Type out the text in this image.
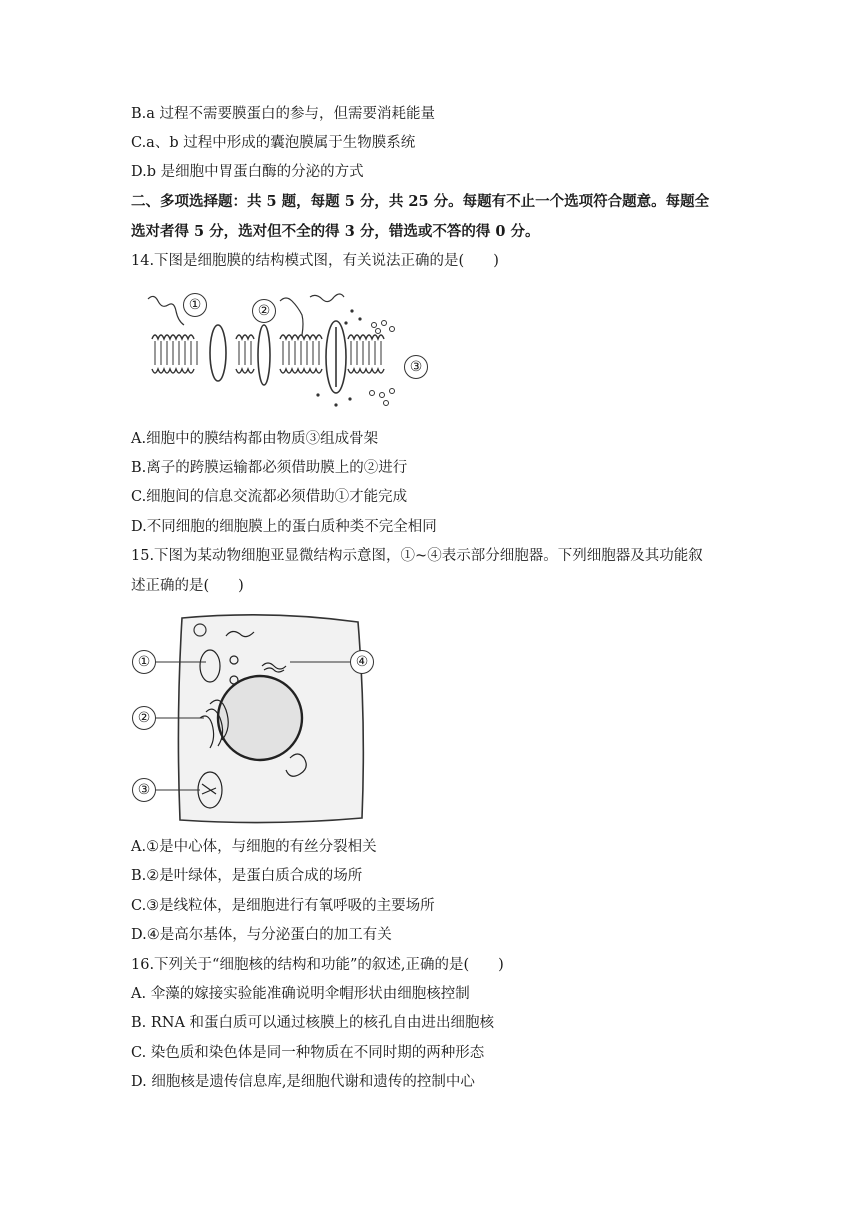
B.a 过程不需要膜蛋白的参与，但需要消耗能量
C.a、b 过程中形成的囊泡膜属于生物膜系统
D.b 是细胞中胃蛋白酶的分泌的方式
二、多项选择题：共 5 题，每题 5 分，共 25 分。每题有不止一个选项符合题意。每题全
选对者得 5 分，选对但不全的得 3 分，错选或不答的得 0 分。
14.下图是细胞膜的结构模式图，有关说法正确的是(　　)
①	②
③
A.细胞中的膜结构都由物质③组成骨架
B.离子的跨膜运输都必须借助膜上的②进行
C.细胞间的信息交流都必须借助①才能完成
D.不同细胞的细胞膜上的蛋白质种类不完全相同
15.下图为某动物细胞亚显微结构示意图，①~④表示部分细胞器。下列细胞器及其功能叙
述正确的是(　　)
①
②
③
④
A.①是中心体，与细胞的有丝分裂相关
B.②是叶绿体，是蛋白质合成的场所
C.③是线粒体，是细胞进行有氧呼吸的主要场所
D.④是高尔基体，与分泌蛋白的加工有关
16.下列关于“细胞核的结构和功能”的叙述,正确的是(　　)
A. 伞藻的嫁接实验能准确说明伞帽形状由细胞核控制
B. RNA 和蛋白质可以通过核膜上的核孔自由进出细胞核
C. 染色质和染色体是同一种物质在不同时期的两种形态
D. 细胞核是遗传信息库,是细胞代谢和遗传的控制中心
